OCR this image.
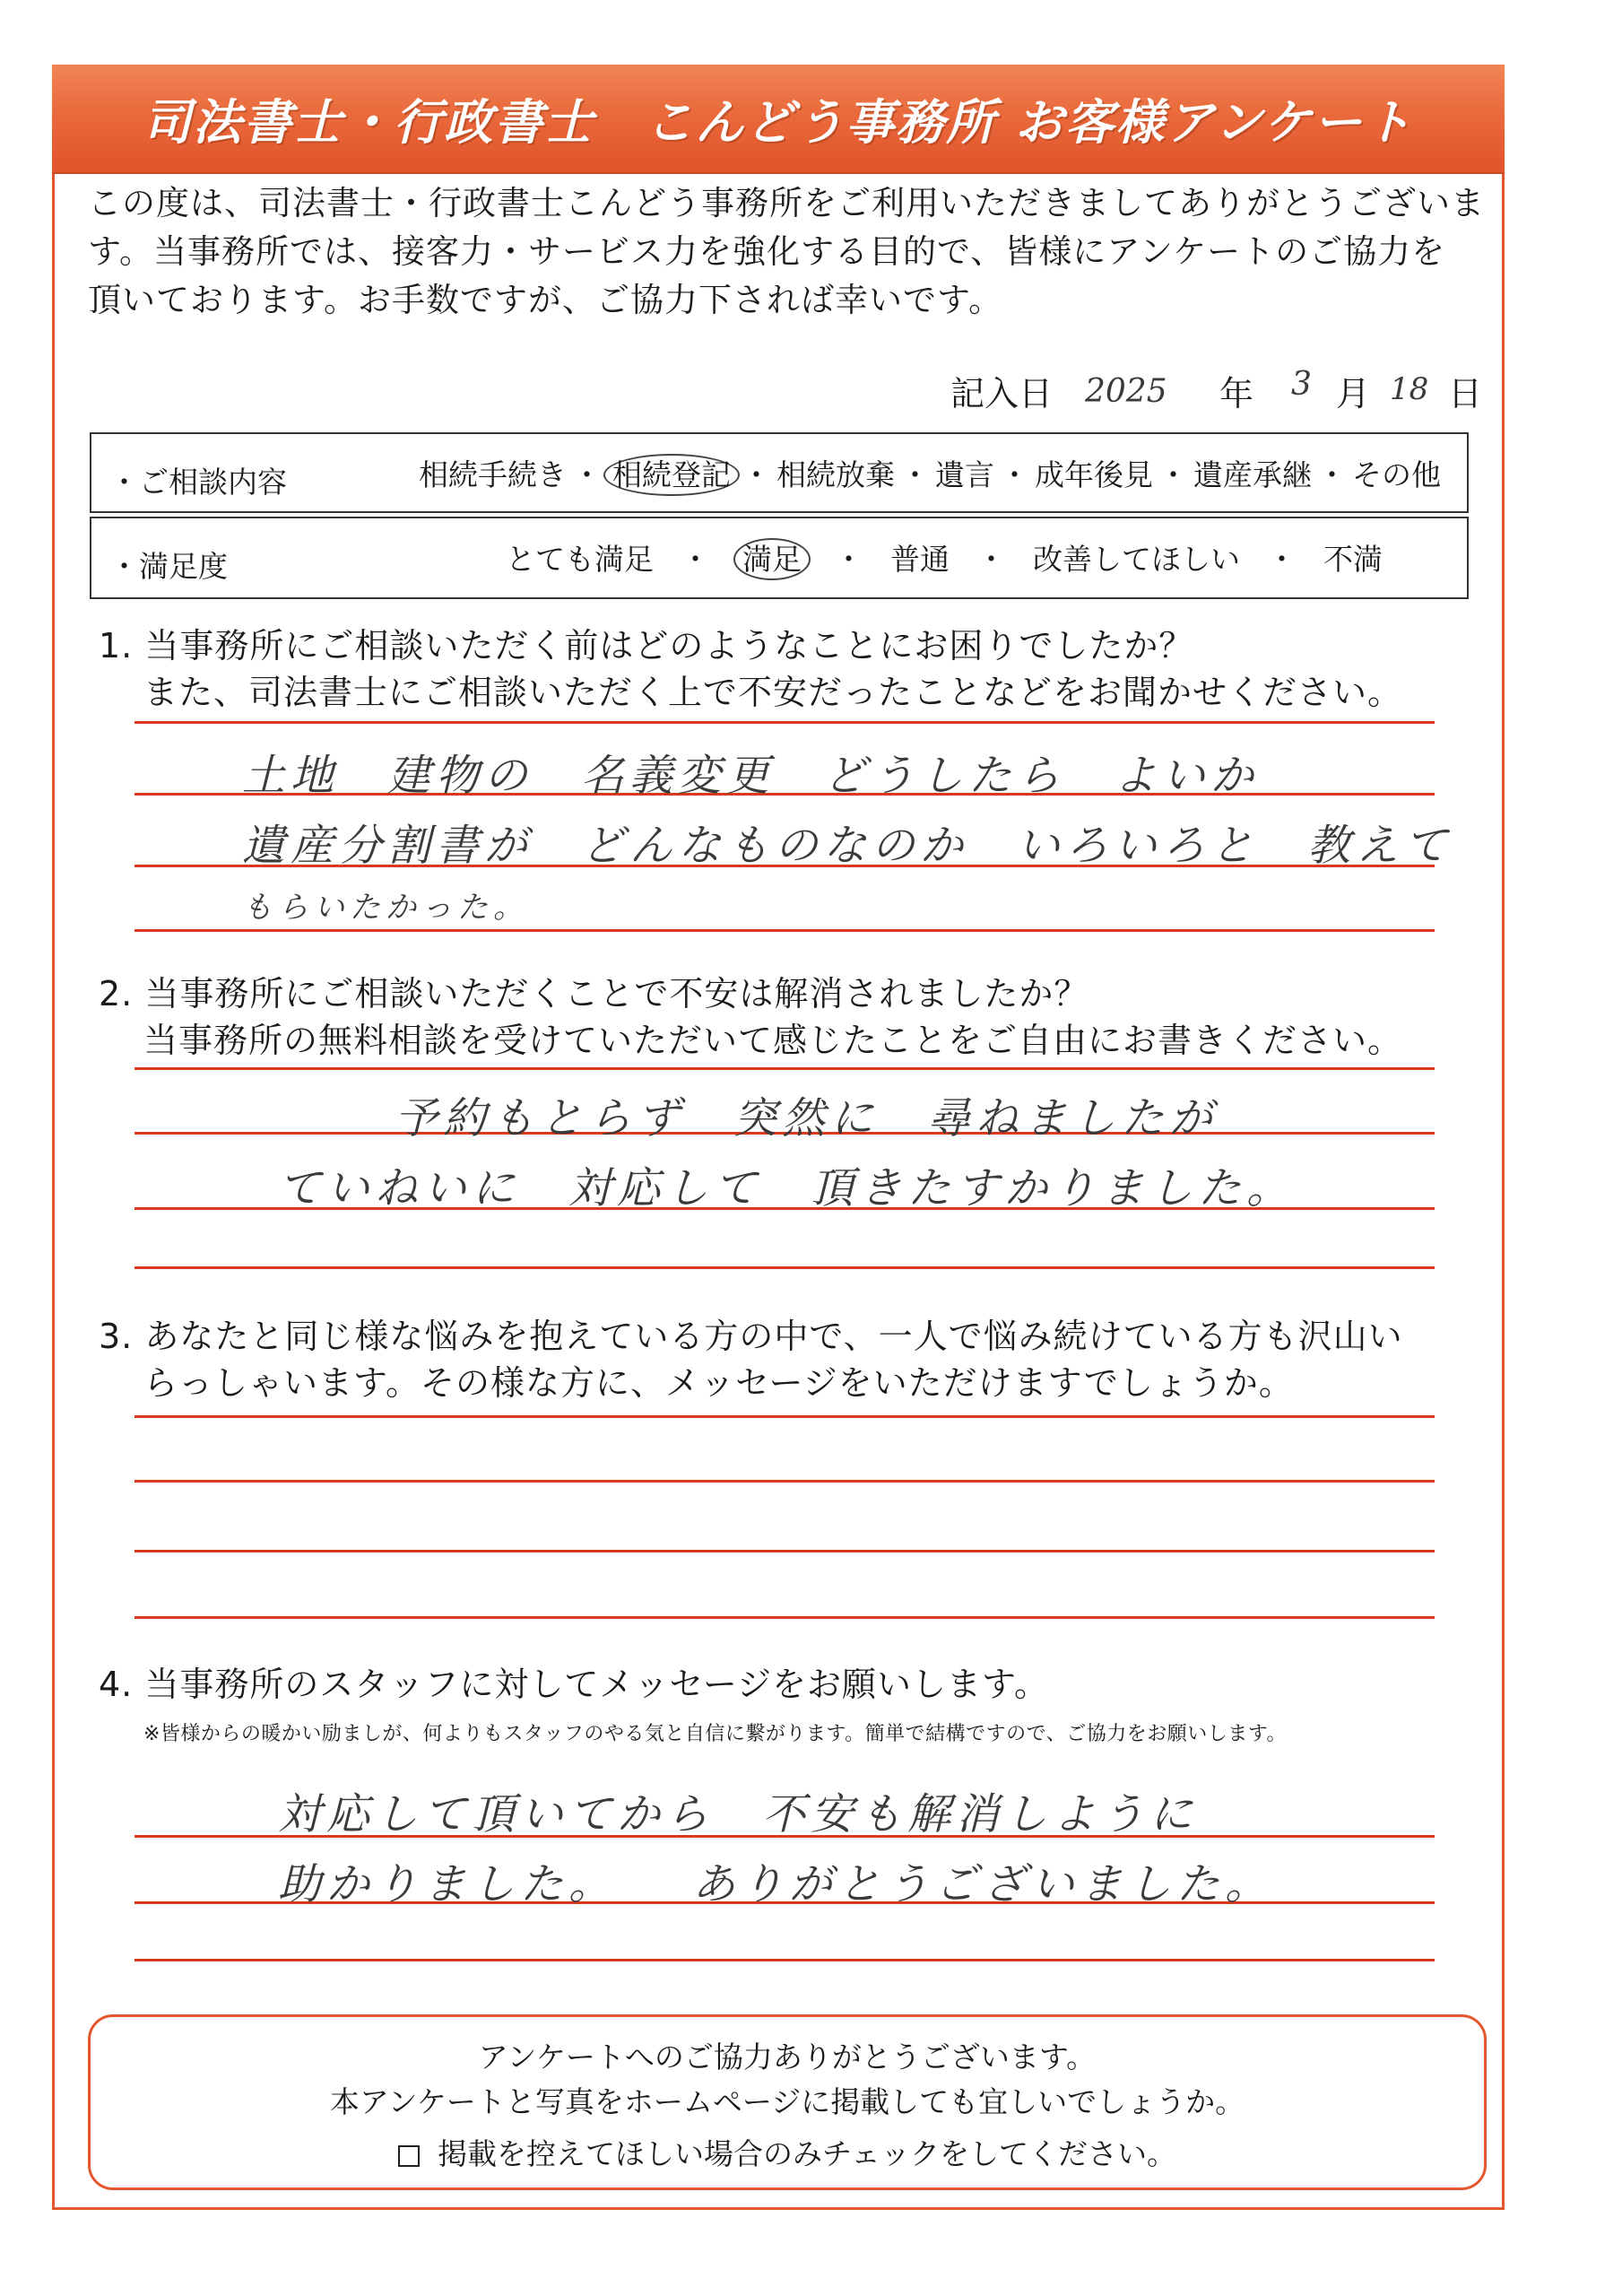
司法書士・行政書士　こんどう事務所 お客様アンケート
この度は、司法書士・行政書士こんどう事務所をご利用いただきましてありがとうございま
す。当事務所では、接客力・サービス力を強化する目的で、皆様にアンケートのご協力を
頂いております。お手数ですが、ご協力下されば幸いです。
記入日 2025 年 3 月 18 日
・ご相談内容	相続手続き ・ 相続登記 ・ 相続放棄 ・ 遺言 ・ 成年後見 ・ 遺産承継 ・ その他
・満足度	とても満足 ・ 満足 ・ 普通 ・ 改善してほしい ・ 不満
1. 当事務所にご相談いただく前はどのようなことにお困りでしたか？
また、司法書士にご相談いただく上で不安だったことなどをお聞かせください。
土地　建物の　名義変更　どうしたら　よいか
遺産分割書が　どんなものなのか　いろいろと　教えて
もらいたかった。
2. 当事務所にご相談いただくことで不安は解消されましたか？
当事務所の無料相談を受けていただいて感じたことをご自由にお書きください。
予約もとらず　突然に　尋ねましたが
ていねいに　対応して　頂きたすかりました。
3. あなたと同じ様な悩みを抱えている方の中で、一人で悩み続けている方も沢山い
らっしゃいます。その様な方に、メッセージをいただけますでしょうか。
4. 当事務所のスタッフに対してメッセージをお願いします。
※皆様からの暖かい励ましが、何よりもスタッフのやる気と自信に繋がります。簡単で結構ですので、ご協力をお願いします。
対応して頂いてから　不安も解消しように
助かりました。　　ありがとうございました。
アンケートへのご協力ありがとうございます。
本アンケートと写真をホームページに掲載しても宜しいでしょうか。
掲載を控えてほしい場合のみチェックをしてください。
